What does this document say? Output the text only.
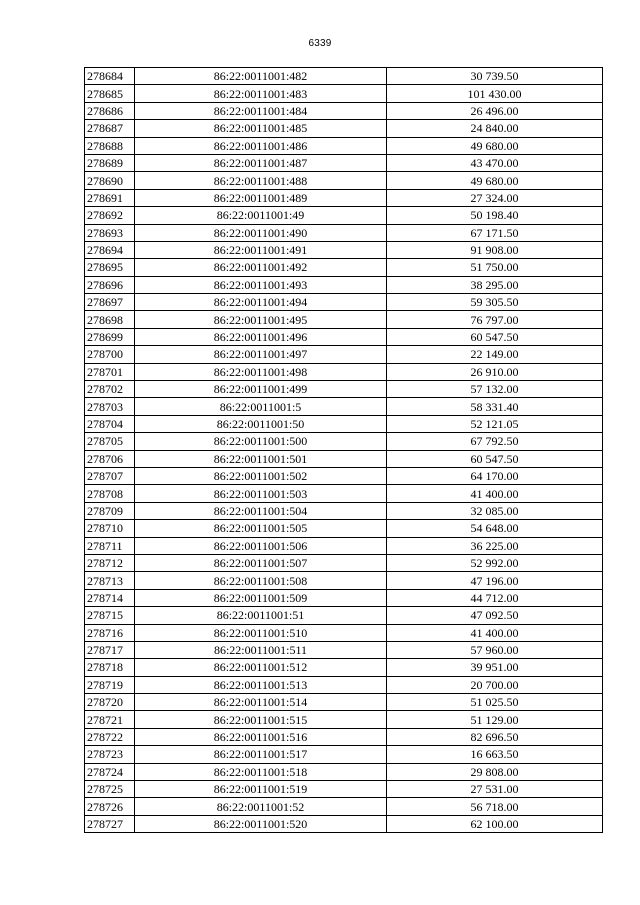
6339
278684	86:22:0011001:482	30 739.50
278685	86:22:0011001:483	101 430.00
278686	86:22:0011001:484	26 496.00
278687	86:22:0011001:485	24 840.00
278688	86:22:0011001:486	49 680.00
278689	86:22:0011001:487	43 470.00
278690	86:22:0011001:488	49 680.00
278691	86:22:0011001:489	27 324.00
278692	86:22:0011001:49	50 198.40
278693	86:22:0011001:490	67 171.50
278694	86:22:0011001:491	91 908.00
278695	86:22:0011001:492	51 750.00
278696	86:22:0011001:493	38 295.00
278697	86:22:0011001:494	59 305.50
278698	86:22:0011001:495	76 797.00
278699	86:22:0011001:496	60 547.50
278700	86:22:0011001:497	22 149.00
278701	86:22:0011001:498	26 910.00
278702	86:22:0011001:499	57 132.00
278703	86:22:0011001:5	58 331.40
278704	86:22:0011001:50	52 121.05
278705	86:22:0011001:500	67 792.50
278706	86:22:0011001:501	60 547.50
278707	86:22:0011001:502	64 170.00
278708	86:22:0011001:503	41 400.00
278709	86:22:0011001:504	32 085.00
278710	86:22:0011001:505	54 648.00
278711	86:22:0011001:506	36 225.00
278712	86:22:0011001:507	52 992.00
278713	86:22:0011001:508	47 196.00
278714	86:22:0011001:509	44 712.00
278715	86:22:0011001:51	47 092.50
278716	86:22:0011001:510	41 400.00
278717	86:22:0011001:511	57 960.00
278718	86:22:0011001:512	39 951.00
278719	86:22:0011001:513	20 700.00
278720	86:22:0011001:514	51 025.50
278721	86:22:0011001:515	51 129.00
278722	86:22:0011001:516	82 696.50
278723	86:22:0011001:517	16 663.50
278724	86:22:0011001:518	29 808.00
278725	86:22:0011001:519	27 531.00
278726	86:22:0011001:52	56 718.00
278727	86:22:0011001:520	62 100.00
